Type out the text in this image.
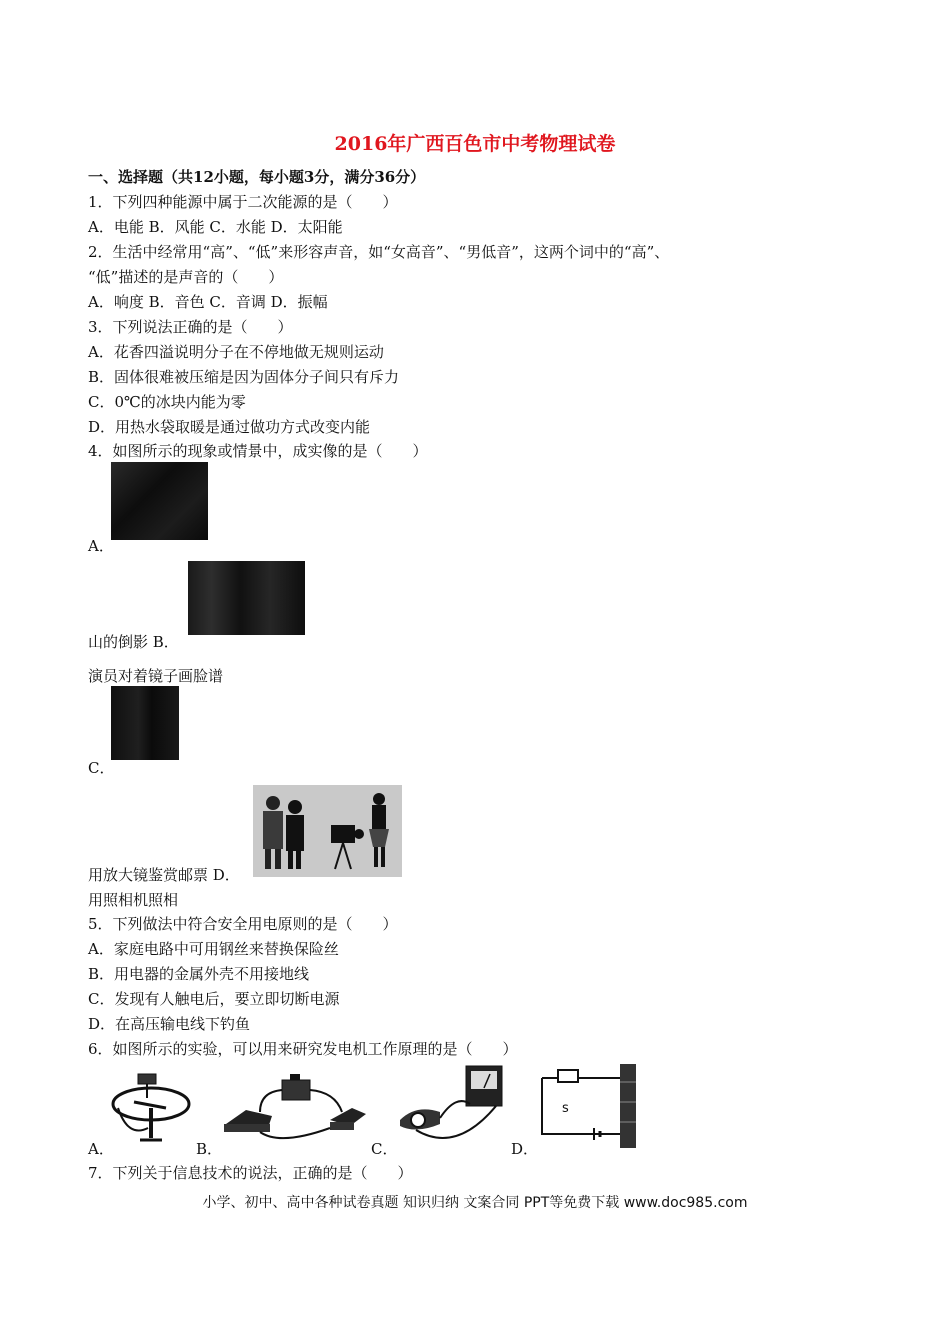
2016年广西百色市中考物理试卷
一、选择题（共12小题，每小题3分，满分36分）
1．下列四种能源中属于二次能源的是（　　）
A．电能 B．风能 C．水能 D．太阳能
2．生活中经常用“高”、“低”来形容声音，如“女高音”、“男低音”，这两个词中的“高”、
“低”描述的是声音的（　　）
A．响度 B．音色 C．音调 D．振幅
3．下列说法正确的是（　　）
A．花香四溢说明分子在不停地做无规则运动
B．固体很难被压缩是因为固体分子间只有斥力
C．0℃的冰块内能为零
D．用热水袋取暖是通过做功方式改变内能
4．如图所示的现象或情景中，成实像的是（　　）
A．
山的倒影 B．
演员对着镜子画脸谱
C．
用放大镜鉴赏邮票 D．
用照相机照相
5．下列做法中符合安全用电原则的是（　　）
A．家庭电路中可用钢丝来替换保险丝
B．用电器的金属外壳不用接地线
C．发现有人触电后，要立即切断电源
D．在高压输电线下钓鱼
6．如图所示的实验，可以用来研究发电机工作原理的是（　　）
A．	B．	C．
s
D．
7．下列关于信息技术的说法，正确的是（　　）
小学、初中、高中各种试卷真题 知识归纳 文案合同 PPT等免费下载 www.doc985.com
